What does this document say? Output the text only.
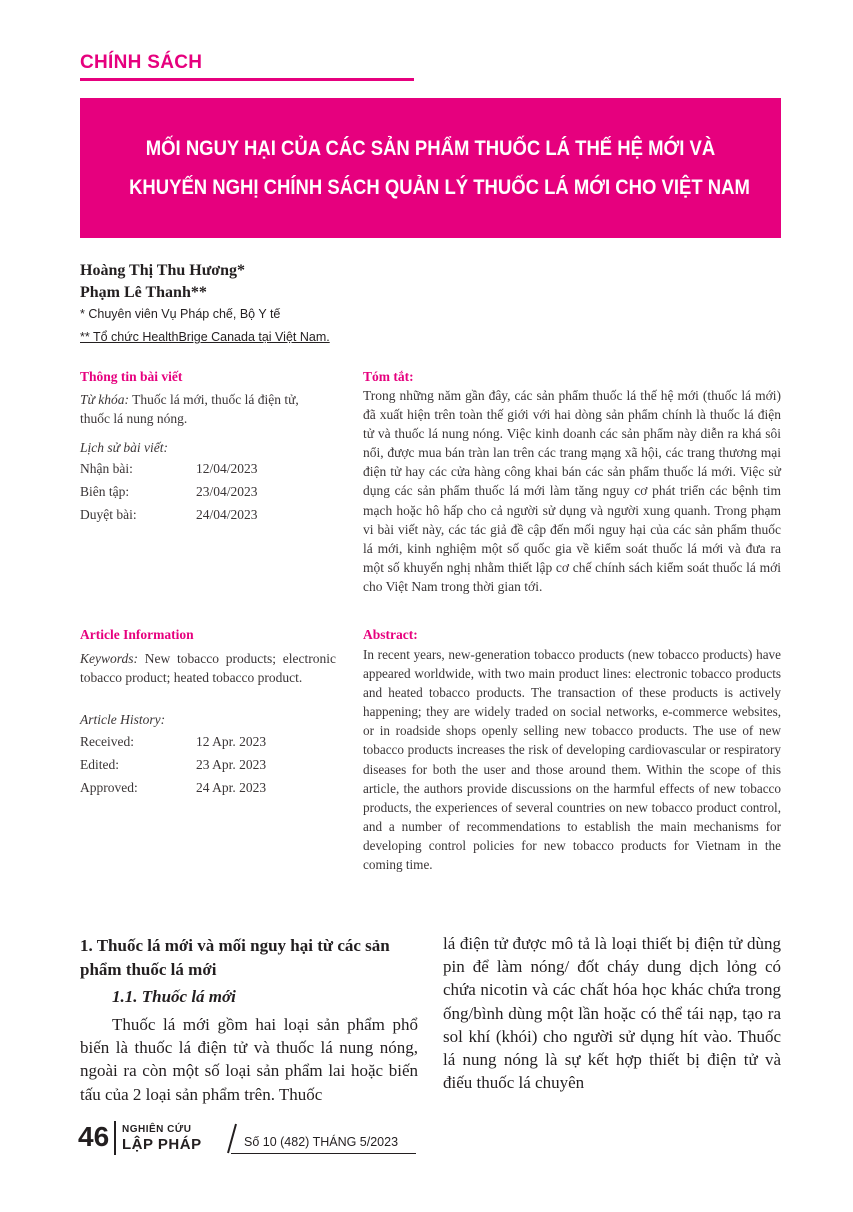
CHÍNH SÁCH
MỐI NGUY HẠI CỦA CÁC SẢN PHẨM THUỐC LÁ THẾ HỆ MỚI VÀ
KHUYẾN NGHỊ CHÍNH SÁCH QUẢN LÝ THUỐC LÁ MỚI CHO VIỆT NAM
Hoàng Thị Thu Hương*
Phạm Lê Thanh**
* Chuyên viên Vụ Pháp chế, Bộ Y tế
** Tổ chức HealthBrige Canada tại Việt Nam.
Thông tin bài viết
Từ khóa: Thuốc lá mới, thuốc lá điện tử,
thuốc lá nung nóng.
Lịch sử bài viết:
Nhận bài:	12/04/2023
Biên tập:	23/04/2023
Duyệt bài:	24/04/2023
Tóm tắt:
Trong những năm gần đây, các sản phẩm thuốc lá thế hệ mới (thuốc lá mới) đã xuất hiện trên toàn thế giới với hai dòng sản phẩm chính là thuốc lá điện tử và thuốc lá nung nóng. Việc kinh doanh các sản phẩm này diễn ra khá sôi nổi, được mua bán tràn lan trên các trang mạng xã hội, các trang thương mại điện tử hay các cửa hàng công khai bán các sản phẩm thuốc lá mới. Việc sử dụng các sản phẩm thuốc lá mới làm tăng nguy cơ phát triển các bệnh tim mạch hoặc hô hấp cho cả người sử dụng và người xung quanh. Trong phạm vi bài viết này, các tác giả đề cập đến mối nguy hại của các sản phẩm thuốc lá mới, kinh nghiệm một số quốc gia về kiểm soát thuốc lá mới và đưa ra một số khuyến nghị nhằm thiết lập cơ chế chính sách kiểm soát thuốc lá mới cho Việt Nam trong thời gian tới.
Article Information
Keywords: New tobacco products; electronic tobacco product; heated tobacco product.
Article History:
Received:	12 Apr. 2023
Edited:	23 Apr. 2023
Approved:	24 Apr. 2023
Abstract:
In recent years, new-generation tobacco products (new tobacco products) have appeared worldwide, with two main product lines: electronic tobacco products and heated tobacco products. The transaction of these products is actively happening; they are widely traded on social networks, e-commerce websites, or in roadside shops openly selling new tobacco products. The use of new tobacco products increases the risk of developing cardiovascular or respiratory diseases for both the user and those around them. Within the scope of this article, the authors provide discussions on the harmful effects of new tobacco products, the experiences of several countries on new tobacco product control, and a number of recommendations to establish the main mechanisms for developing control policies for new tobacco products for Vietnam in the coming time.
1. Thuốc lá mới và mối nguy hại từ các sản phẩm thuốc lá mới
1.1. Thuốc lá mới
Thuốc lá mới gồm hai loại sản phẩm phổ biến là thuốc lá điện tử và thuốc lá nung nóng, ngoài ra còn một số loại sản phẩm lai hoặc biến tấu của 2 loại sản phẩm trên. Thuốc
lá điện tử được mô tả là loại thiết bị điện tử dùng pin để làm nóng/ đốt cháy dung dịch lỏng có chứa nicotin và các chất hóa học khác chứa trong ống/bình dùng một lần hoặc có thể tái nạp, tạo ra sol khí (khói) cho người sử dụng hít vào. Thuốc lá nung nóng là sự kết hợp thiết bị điện tử và điếu thuốc lá chuyên
46 NGHIÊN CỨU
LẬP PHÁP	Số 10 (482) THÁNG 5/2023
